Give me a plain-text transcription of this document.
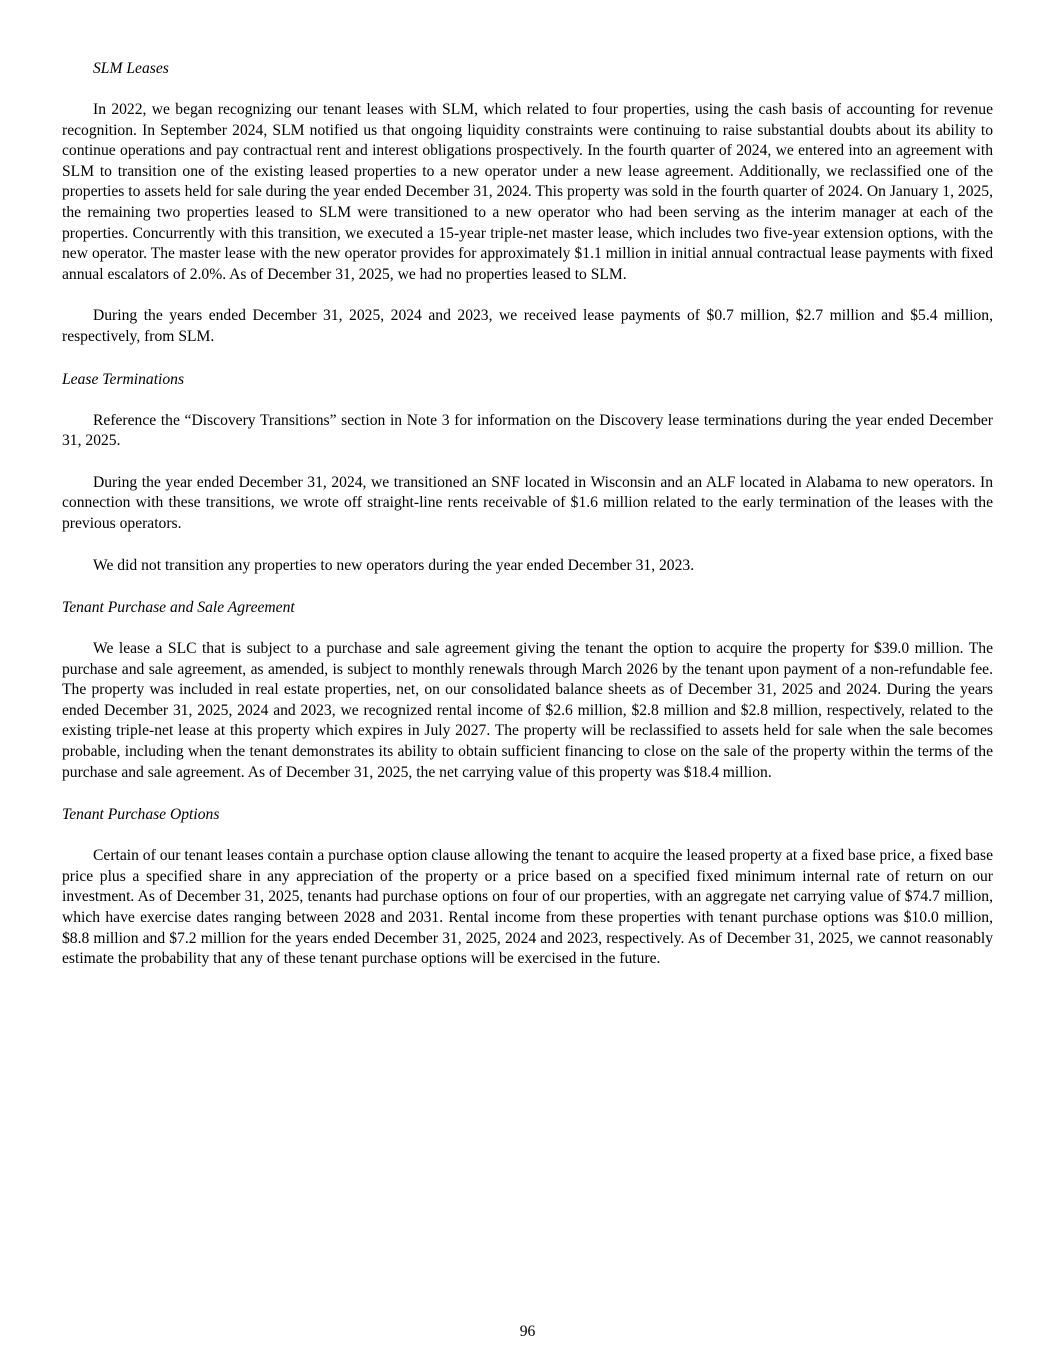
SLM Leases

In 2022, we began recognizing our tenant leases with SLM, which related to four properties, using the cash basis of accounting for revenue recognition. In September 2024, SLM notified us that ongoing liquidity constraints were continuing to raise substantial doubts about its ability to continue operations and pay contractual rent and interest obligations prospectively. In the fourth quarter of 2024, we entered into an agreement with SLM to transition one of the existing leased properties to a new operator under a new lease agreement. Additionally, we reclassified one of the properties to assets held for sale during the year ended December 31, 2024. This property was sold in the fourth quarter of 2024. On January 1, 2025, the remaining two properties leased to SLM were transitioned to a new operator who had been serving as the interim manager at each of the properties. Concurrently with this transition, we executed a 15-year triple-net master lease, which includes two five-year extension options, with the new operator. The master lease with the new operator provides for approximately $1.1 million in initial annual contractual lease payments with fixed annual escalators of 2.0%. As of December 31, 2025, we had no properties leased to SLM.

During the years ended December 31, 2025, 2024 and 2023, we received lease payments of $0.7 million, $2.7 million and $5.4 million, respectively, from SLM.

Lease Terminations

Reference the “Discovery Transitions” section in Note 3 for information on the Discovery lease terminations during the year ended December 31, 2025.

During the year ended December 31, 2024, we transitioned an SNF located in Wisconsin and an ALF located in Alabama to new operators. In connection with these transitions, we wrote off straight-line rents receivable of $1.6 million related to the early termination of the leases with the previous operators.

We did not transition any properties to new operators during the year ended December 31, 2023.

Tenant Purchase and Sale Agreement

We lease a SLC that is subject to a purchase and sale agreement giving the tenant the option to acquire the property for $39.0 million. The purchase and sale agreement, as amended, is subject to monthly renewals through March 2026 by the tenant upon payment of a non-refundable fee. The property was included in real estate properties, net, on our consolidated balance sheets as of December 31, 2025 and 2024. During the years ended December 31, 2025, 2024 and 2023, we recognized rental income of $2.6 million, $2.8 million and $2.8 million, respectively, related to the existing triple-net lease at this property which expires in July 2027. The property will be reclassified to assets held for sale when the sale becomes probable, including when the tenant demonstrates its ability to obtain sufficient financing to close on the sale of the property within the terms of the purchase and sale agreement. As of December 31, 2025, the net carrying value of this property was $18.4 million.

Tenant Purchase Options

Certain of our tenant leases contain a purchase option clause allowing the tenant to acquire the leased property at a fixed base price, a fixed base price plus a specified share in any appreciation of the property or a price based on a specified fixed minimum internal rate of return on our investment. As of December 31, 2025, tenants had purchase options on four of our properties, with an aggregate net carrying value of $74.7 million, which have exercise dates ranging between 2028 and 2031. Rental income from these properties with tenant purchase options was $10.0 million, $8.8 million and $7.2 million for the years ended December 31, 2025, 2024 and 2023, respectively. As of December 31, 2025, we cannot reasonably estimate the probability that any of these tenant purchase options will be exercised in the future.

96
